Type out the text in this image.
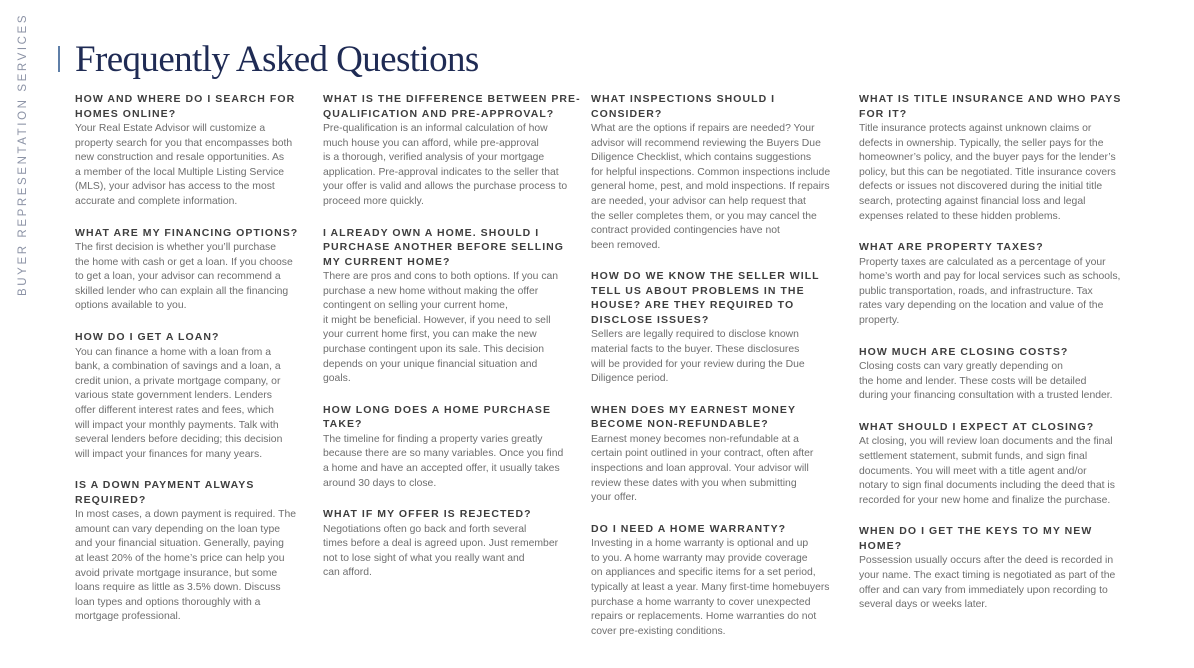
BUYER REPRESENTATION SERVICES Frequently Asked Questions

HOW AND WHERE DO I SEARCH FOR
HOMES ONLINE?

Your Real Estate Advisor will customize a
property search for you that encompasses both
new construction and resale opportunities. As
a member of the local Multiple Listing Service
(MLS), your advisor has access to the most
accurate and complete information.

WHAT ARE MY FINANCING OPTIONS?

The first decision is whether you’ll purchase
the home with cash or get a loan. If you choose
to get a loan, your advisor can recommend a
skilled lender who can explain all the financing
options available to you.

HOW DO I GET A LOAN?

You can finance a home with a loan from a
bank, a combination of savings and a loan, a
credit union, a private mortgage company, or
various state government lenders. Lenders
offer different interest rates and fees, which
will impact your monthly payments. Talk with
several lenders before deciding; this decision
will impact your finances for many years.

IS A DOWN PAYMENT ALWAYS
REQUIRED?

In most cases, a down payment is required. The
amount can vary depending on the loan type
and your financial situation. Generally, paying
at least 20% of the home’s price can help you
avoid private mortgage insurance, but some
loans require as little as 3.5% down. Discuss
loan types and options thoroughly with a
mortgage professional.

WHAT IS THE DIFFERENCE BETWEEN PRE-
QUALIFICATION AND PRE-APPROVAL?

Pre-qualification is an informal calculation of how
much house you can afford, while pre-approval
is a thorough, verified analysis of your mortgage
application. Pre-approval indicates to the seller that
your offer is valid and allows the purchase process to
proceed more quickly.

I ALREADY OWN A HOME. SHOULD I
PURCHASE ANOTHER BEFORE SELLING
MY CURRENT HOME?

There are pros and cons to both options. If you can
purchase a new home without making the offer
contingent on selling your current home,
it might be beneficial. However, if you need to sell
your current home first, you can make the new
purchase contingent upon its sale. This decision
depends on your unique financial situation and
goals.

HOW LONG DOES A HOME PURCHASE
TAKE?

The timeline for finding a property varies greatly
because there are so many variables. Once you find
a home and have an accepted offer, it usually takes
around 30 days to close.

WHAT IF MY OFFER IS REJECTED?

Negotiations often go back and forth several
times before a deal is agreed upon. Just remember
not to lose sight of what you really want and
can afford.

WHAT INSPECTIONS SHOULD I
CONSIDER?

What are the options if repairs are needed? Your
advisor will recommend reviewing the Buyers Due
Diligence Checklist, which contains suggestions
for helpful inspections. Common inspections include
general home, pest, and mold inspections. If repairs
are needed, your advisor can help request that
the seller completes them, or you may cancel the
contract provided contingencies have not
been removed.

HOW DO WE KNOW THE SELLER WILL
TELL US ABOUT PROBLEMS IN THE
HOUSE? ARE THEY REQUIRED TO
DISCLOSE ISSUES?

Sellers are legally required to disclose known
material facts to the buyer. These disclosures
will be provided for your review during the Due
Diligence period.

WHEN DOES MY EARNEST MONEY
BECOME NON-REFUNDABLE?

Earnest money becomes non-refundable at a
certain point outlined in your contract, often after
inspections and loan approval. Your advisor will
review these dates with you when submitting
your offer.

DO I NEED A HOME WARRANTY?

Investing in a home warranty is optional and up
to you. A home warranty may provide coverage
on appliances and specific items for a set period,
typically at least a year. Many first-time homebuyers
purchase a home warranty to cover unexpected
repairs or replacements. Home warranties do not
cover pre-existing conditions.

WHAT IS TITLE INSURANCE AND WHO PAYS
FOR IT?

Title insurance protects against unknown claims or
defects in ownership. Typically, the seller pays for the
homeowner’s policy, and the buyer pays for the lender’s
policy, but this can be negotiated. Title insurance covers
defects or issues not discovered during the initial title
search, protecting against financial loss and legal
expenses related to these hidden problems.

WHAT ARE PROPERTY TAXES?

Property taxes are calculated as a percentage of your
home’s worth and pay for local services such as schools,
public transportation, roads, and infrastructure. Tax
rates vary depending on the location and value of the
property.

HOW MUCH ARE CLOSING COSTS?

Closing costs can vary greatly depending on
the home and lender. These costs will be detailed
during your financing consultation with a trusted lender.

WHAT SHOULD I EXPECT AT CLOSING?

At closing, you will review loan documents and the final
settlement statement, submit funds, and sign final
documents. You will meet with a title agent and/or
notary to sign final documents including the deed that is
recorded for your new home and finalize the purchase.

WHEN DO I GET THE KEYS TO MY NEW
HOME?

Possession usually occurs after the deed is recorded in
your name. The exact timing is negotiated as part of the
offer and can vary from immediately upon recording to
several days or weeks later.
